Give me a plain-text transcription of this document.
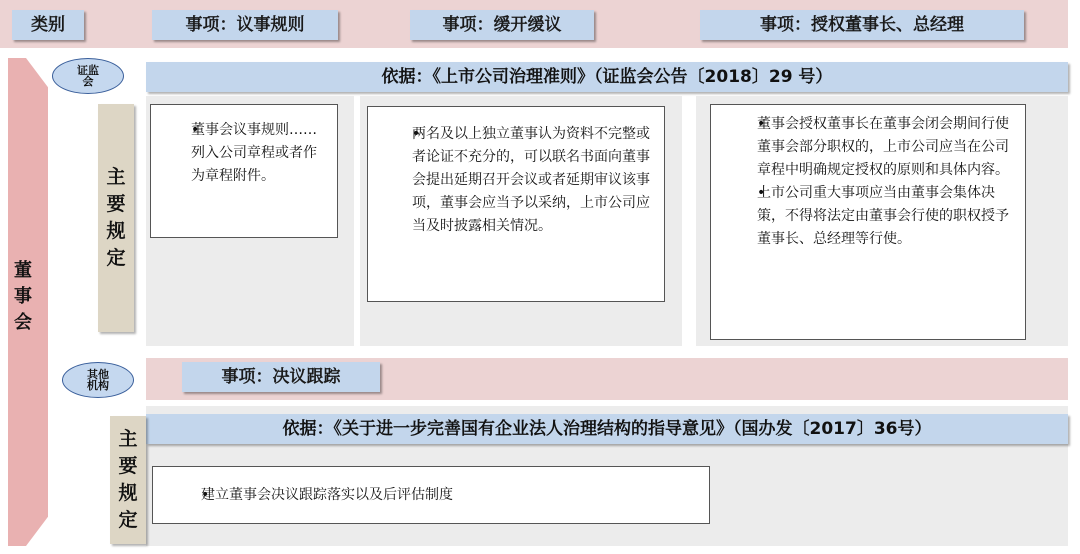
类别	事项：议事规则	事项：缓开缓议	事项：授权董事长、总经理
董事会
证监会	依据：《上市公司治理准则》（证监会公告〔2018〕29 号）
主要规定
• 董事会议事规则……列入公司章程或者作为章程附件。
• 两名及以上独立董事认为资料不完整或者论证不充分的，可以联名书面向董事会提出延期召开会议或者延期审议该事项，董事会应当予以采纳，上市公司应当及时披露相关情况。
• 董事会授权董事长在董事会闭会期间行使董事会部分职权的，上市公司应当在公司章程中明确规定授权的原则和具体内容。
• 上市公司重大事项应当由董事会集体决策，不得将法定由董事会行使的职权授予董事长、总经理等行使。
其他机构	事项：决议跟踪
依据：《关于进一步完善国有企业法人治理结构的指导意见》（国办发〔2017〕36号）
主要规定
• 建立董事会决议跟踪落实以及后评估制度
